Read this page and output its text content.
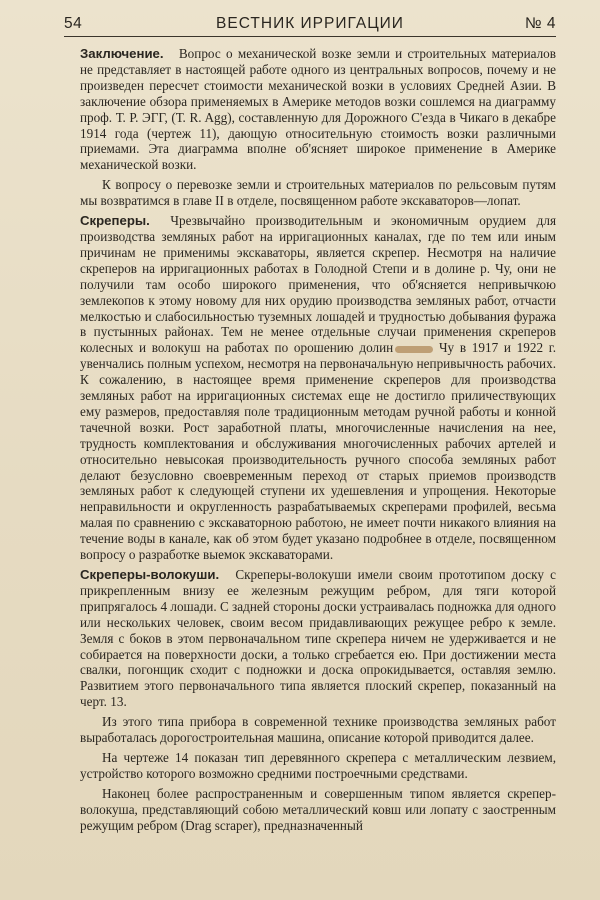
54	ВЕСТНИК ИРРИГАЦИИ	№ 4

Заключение. Вопрос о механической возке земли и строительных материалов не представляет в настоящей работе одного из центральных вопросов, почему и не произведен пересчет стоимости механической возки в условиях Средней Азии. В заключение обзора применяемых в Америке методов возки сошлемся на диаграмму проф. Т. Р. ЭГГ, (Т. R. Agg), составленную для Дорожного С'езда в Чикаго в декабре 1914 года (чертеж 11), дающую относительную стоимость возки различными приемами. Эта диаграмма вполне об'ясняет широкое применение в Америке механической возки.

К вопросу о перевозке земли и строительных материалов по рельсовым путям мы возвратимся в главе II в отделе, посвященном работе экскаваторов—лопат.

Скреперы. Чрезвычайно производительным и экономичным орудием для производства земляных работ на ирригационных каналах, где по тем или иным причинам не применимы экскаваторы, является скрепер. Несмотря на наличие скреперов на ирригационных работах в Голодной Степи и в долине р. Чу, они не получили там особо широкого применения, что об'ясняется непривычкою землекопов к этому новому для них орудию производства земляных работ, отчасти мелкостью и слабосильностью туземных лошадей и трудностью добывания фуража в пустынных районах. Тем не менее отдельные случаи применения скреперов колесных и волокуш на работах по орошению долин	Чу в 1917 и 1922 г. увенчались полным успехом, несмотря на первоначальную непривычность рабочих. К сожалению, в настоящее время применение скреперов для производства земляных работ на ирригационных системах еще не достигло приличествующих ему размеров, предоставляя поле традиционным методам ручной работы и конной тачечной возки. Рост заработной платы, многочисленные начисления на нее, трудность комплектования и обслуживания многочисленных рабочих артелей и относительно невысокая производительность ручного способа земляных работ делают безусловно своевременным переход от старых приемов производств земляных работ к следующей ступени их удешевления и упрощения. Некоторые неправильности и округленность разрабатываемых скреперами профилей, весьма малая по сравнению с экскаваторною работою, не имеет почти никакого влияния на течение воды в канале, как об этом будет указано подробнее в отделе, посвященном вопросу о разработке выемок экскаваторами.

Скреперы-волокуши. Скреперы-волокуши имели своим прототипом доску с прикрепленным внизу ее железным режущим ребром, для тяги которой припрягалось 4 лошади. С задней стороны доски устраивалась подножка для одного или нескольких человек, своим весом придавливающих режущее ребро к земле. Земля с боков в этом первоначальном типе скрепера ничем не удерживается и не собирается на поверхности доски, а только сгребается ею. При достижении места свалки, погонщик сходит с подножки и доска опрокидывается, оставляя землю. Развитием этого первоначального типа является плоский скрепер, показанный на черт. 13.

Из этого типа прибора в современной технике производства земляных работ выработалась дорогостроительная машина, описание которой приводится далее.

На чертеже 14 показан тип деревянного скрепера с металлическим лезвием, устройство которого возможно средними построечными средствами.

Наконец более распространенным и совершенным типом является скрепер-волокуша, представляющий собою металлический ковш или лопату с заостренным режущим ребром (Drag scraper), предназначенный
